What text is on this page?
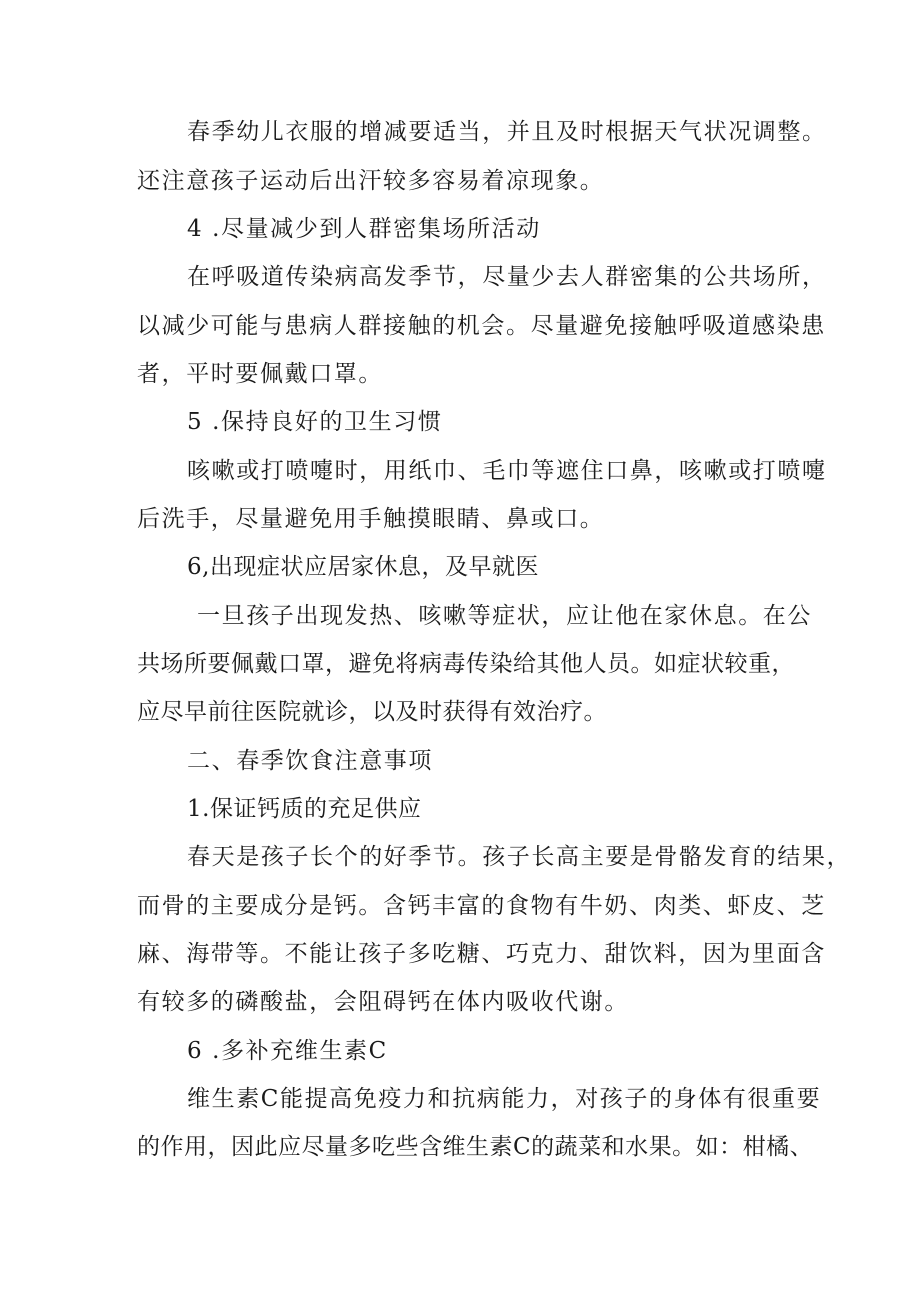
春季幼儿衣服的增减要适当，并且及时根据天气状况调整。

还注意孩子运动后出汗较多容易着凉现象。

4 .尽量减少到人群密集场所活动

在呼吸道传染病高发季节，尽量少去人群密集的公共场所，

以减少可能与患病人群接触的机会。尽量避免接触呼吸道感染患

者，平时要佩戴口罩。

5 .保持良好的卫生习惯

咳嗽或打喷嚏时，用纸巾、毛巾等遮住口鼻，咳嗽或打喷嚏

后洗手，尽量避免用手触摸眼睛、鼻或口。

6,出现症状应居家休息，及早就医

一旦孩子出现发热、咳嗽等症状，应让他在家休息。在公

共场所要佩戴口罩，避免将病毒传染给其他人员。如症状较重，

应尽早前往医院就诊，以及时获得有效治疗。

二、春季饮食注意事项

1.保证钙质的充足供应

春天是孩子长个的好季节。孩子长高主要是骨骼发育的结果，

而骨的主要成分是钙。含钙丰富的食物有牛奶、肉类、虾皮、芝

麻、海带等。不能让孩子多吃糖、巧克力、甜饮料，因为里面含

有较多的磷酸盐，会阻碍钙在体内吸收代谢。

6 .多补充维生素C

维生素C能提高免疫力和抗病能力，对孩子的身体有很重要

的作用，因此应尽量多吃些含维生素C的蔬菜和水果。如：柑橘、
